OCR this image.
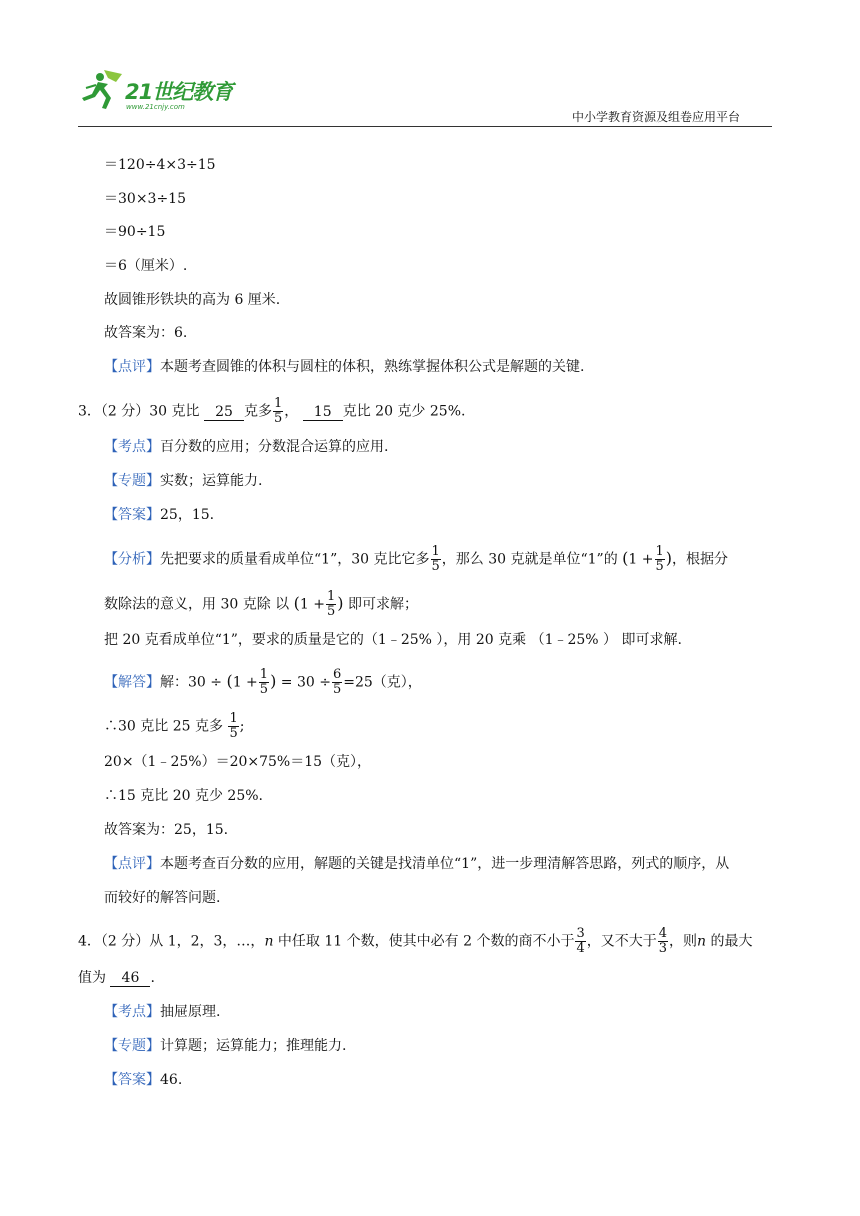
21世纪教育
www.21cnjy.com
中小学教育资源及组卷应用平台
＝120÷4×3÷15
＝30×3÷15
＝90÷15
＝6（厘米）.
故圆锥形铁块的高为 6 厘米.
故答案为：6.
【点评】本题考查圆锥的体积与圆柱的体积，熟练掌握体积公式是解题的关键.
3．（2 分）30 克比 25 克多 $\frac{1}{5}$ ， 15 克比 20 克少 25%.
【考点】百分数的应用；分数混合运算的应用.
【专题】实数；运算能力.
【答案】25，15.
【分析】先把要求的质量看成单位“1”，30 克比它多 $\frac{1}{5}$ ，那么 30 克就是单位“1”的 ($1 + \frac{1}{5}$ )，根据分
数除法的意义，用 30 克除 以 ($1 + \frac{1}{5}$ ) 即可求解；
把 20 克看成单位“1”，要求的质量是它的（1﹣25% ），用 20 克乘 （1﹣25% ） 即可求解.
【解答】解：$30 \div (1 + \frac{1}{5}$ ) = $30 \div \frac{6}{5} =25$（克），
∴30 克比 25 克多 $\frac{1}{5}$ ;
20×（1﹣25%）＝20×75%＝15（克），
∴15 克比 20 克少 25%.
故答案为：25，15.
【点评】本题考查百分数的应用，解题的关键是找清单位“1”，进一步理清解答思路，列式的顺序，从
而较好的解答问题.
4．（2 分）从 1，2，3，…，n 中任取 11 个数，使其中必有 2 个数的商不小于 $\frac{3}{4}$ ，又不大于 $\frac{4}{3}$ ，则n 的最大
值为 46 .
【考点】抽屉原理.
【专题】计算题；运算能力；推理能力.
【答案】46.
